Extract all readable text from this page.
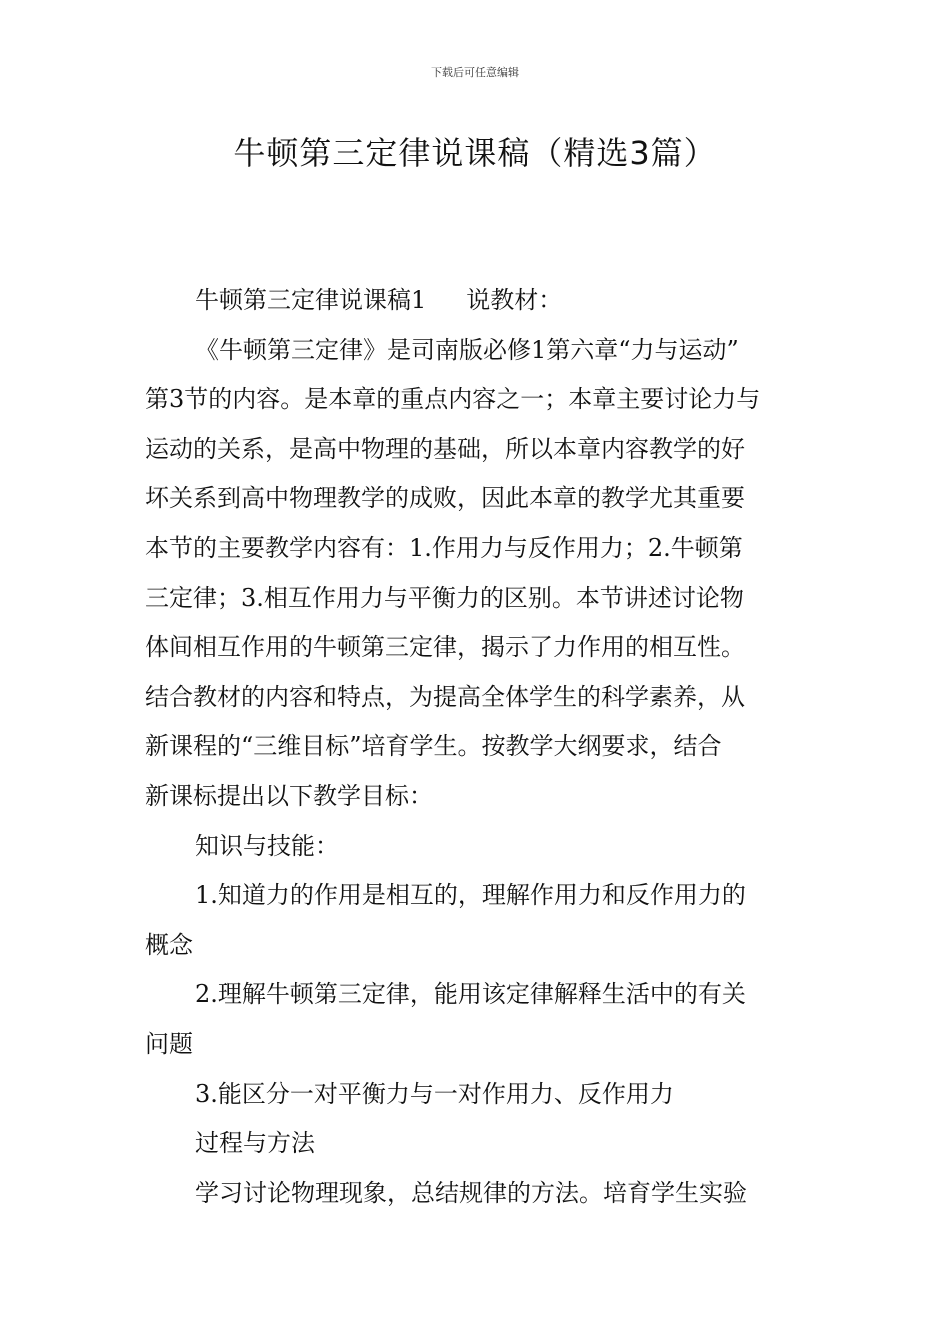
下载后可任意编辑
牛顿第三定律说课稿（精选3篇）
牛顿第三定律说课稿1 说教材：
《牛顿第三定律》是司南版必修1第六章“力与运动”
第3节的内容。是本章的重点内容之一；本章主要讨论力与
运动的关系，是高中物理的基础，所以本章内容教学的好
坏关系到高中物理教学的成败，因此本章的教学尤其重要
本节的主要教学内容有：1.作用力与反作用力；2.牛顿第
三定律；3.相互作用力与平衡力的区别。本节讲述讨论物
体间相互作用的牛顿第三定律，揭示了力作用的相互性。
结合教材的内容和特点，为提高全体学生的科学素养，从
新课程的“三维目标”培育学生。按教学大纲要求，结合
新课标提出以下教学目标：
知识与技能：
1.知道力的作用是相互的，理解作用力和反作用力的
概念
2.理解牛顿第三定律，能用该定律解释生活中的有关
问题
3.能区分一对平衡力与一对作用力、反作用力
过程与方法
学习讨论物理现象，总结规律的方法。培育学生实验
